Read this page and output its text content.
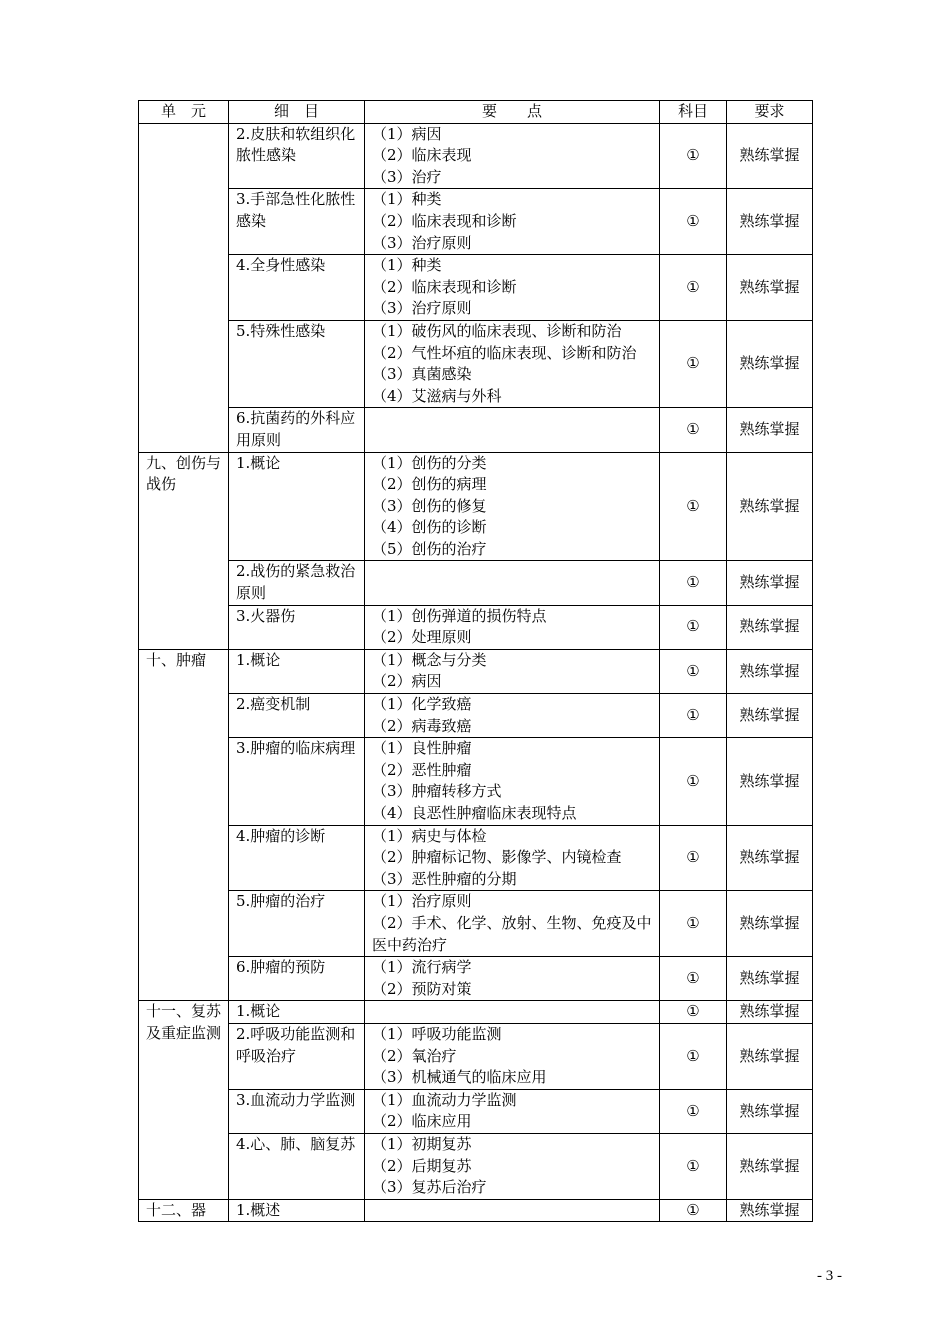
单　元	细　目	要　　点	科目	要求
	2.皮肤和软组织化脓性感染	（1）病因
（2）临床表现
（3）治疗	①	熟练掌握
	3.手部急性化脓性感染	（1）种类
（2）临床表现和诊断
（3）治疗原则	①	熟练掌握
	4.全身性感染	（1）种类
（2）临床表现和诊断
（3）治疗原则	①	熟练掌握
	5.特殊性感染	（1）破伤风的临床表现、诊断和防治
（2）气性坏疽的临床表现、诊断和防治
（3）真菌感染
（4）艾滋病与外科	①	熟练掌握
	6.抗菌药的外科应用原则		①	熟练掌握
九、创伤与战伤	1.概论	（1）创伤的分类
（2）创伤的病理
（3）创伤的修复
（4）创伤的诊断
（5）创伤的治疗	①	熟练掌握
	2.战伤的紧急救治原则		①	熟练掌握
	3.火器伤	（1）创伤弹道的损伤特点
（2）处理原则	①	熟练掌握
十、肿瘤	1.概论	（1）概念与分类
（2）病因	①	熟练掌握
	2.癌变机制	（1）化学致癌
（2）病毒致癌	①	熟练掌握
	3.肿瘤的临床病理	（1）良性肿瘤
（2）恶性肿瘤
（3）肿瘤转移方式
（4）良恶性肿瘤临床表现特点	①	熟练掌握
	4.肿瘤的诊断	（1）病史与体检
（2）肿瘤标记物、影像学、内镜检查
（3）恶性肿瘤的分期	①	熟练掌握
	5.肿瘤的治疗	（1）治疗原则
（2）手术、化学、放射、生物、免疫及中医中药治疗	①	熟练掌握
	6.肿瘤的预防	（1）流行病学
（2）预防对策	①	熟练掌握
十一、复苏及重症监测	1.概论		①	熟练掌握
	2.呼吸功能监测和呼吸治疗	（1）呼吸功能监测
（2）氧治疗
（3）机械通气的临床应用	①	熟练掌握
	3.血流动力学监测	（1）血流动力学监测
（2）临床应用	①	熟练掌握
	4.心、肺、脑复苏	（1）初期复苏
（2）后期复苏
（3）复苏后治疗	①	熟练掌握
十二、器	1.概述		①	熟练掌握
- 3 -
